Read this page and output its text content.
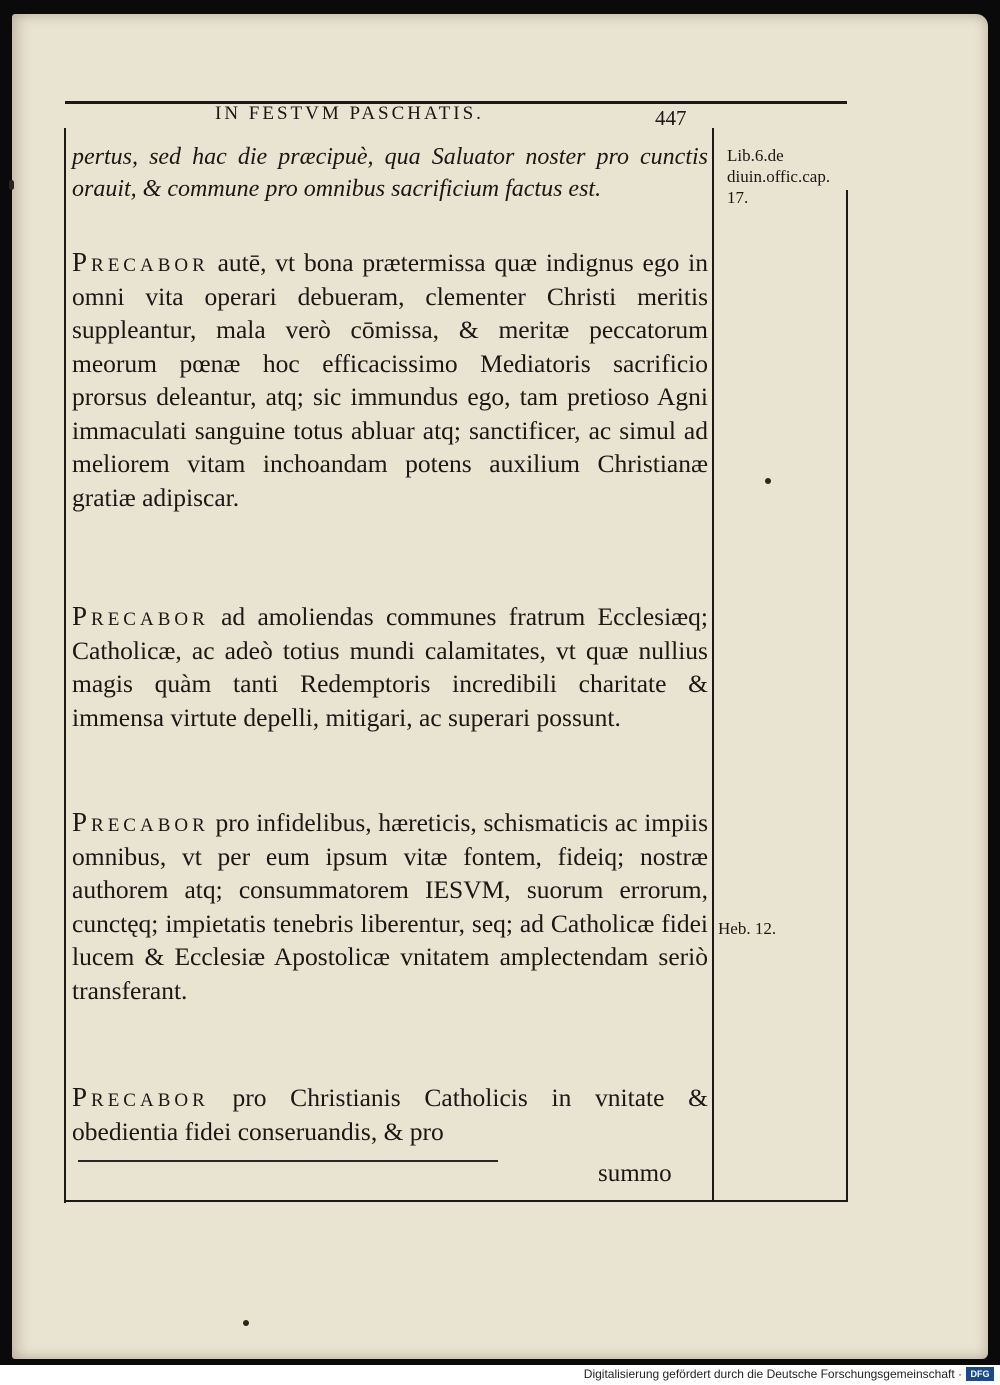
IN FESTVM PASCHATIS.	447
pertus, sed hac die præcipuè, qua Saluator noster pro cunctis orauit, & commune pro omnibus sacrificium factus est.
Precabor autē, vt bona prætermissa quæ indignus ego in omni vita operari debueram, clementer Christi meritis suppleantur, mala verò cōmissa, & meritæ peccatorum meorum pœnæ hoc efficacissimo Mediatoris sacrificio prorsus deleantur, atq; sic immundus ego, tam pretioso Agni immaculati sanguine totus abluar atq; sanctificer, ac simul ad meliorem vitam inchoandam potens auxilium Christianæ gratiæ adipiscar.
Precabor ad amoliendas communes fratrum Ecclesiæq; Catholicæ, ac adeò totius mundi calamitates, vt quæ nullius magis quàm tanti Redemptoris incredibili charitate & immensa virtute depelli, mitigari, ac superari possunt.
Precabor pro infidelibus, hæreticis, schismaticis ac impiis omnibus, vt per eum ipsum vitæ fontem, fideiq; nostræ authorem atq; consummatorem IESVM, suorum errorum, cunctęq; impietatis tenebris liberentur, seq; ad Catholicæ fidei lucem & Ecclesiæ Apostolicæ vnitatem amplectendam seriò transferant.
Precabor pro Christianis Catholicis in vnitate & obedientia fidei conseruandis, & pro
summo
Lib.6.de diuin.offic.cap. 17.
Heb. 12.
Digitalisierung gefördert durch die Deutsche Forschungsgemeinschaft · DFG
